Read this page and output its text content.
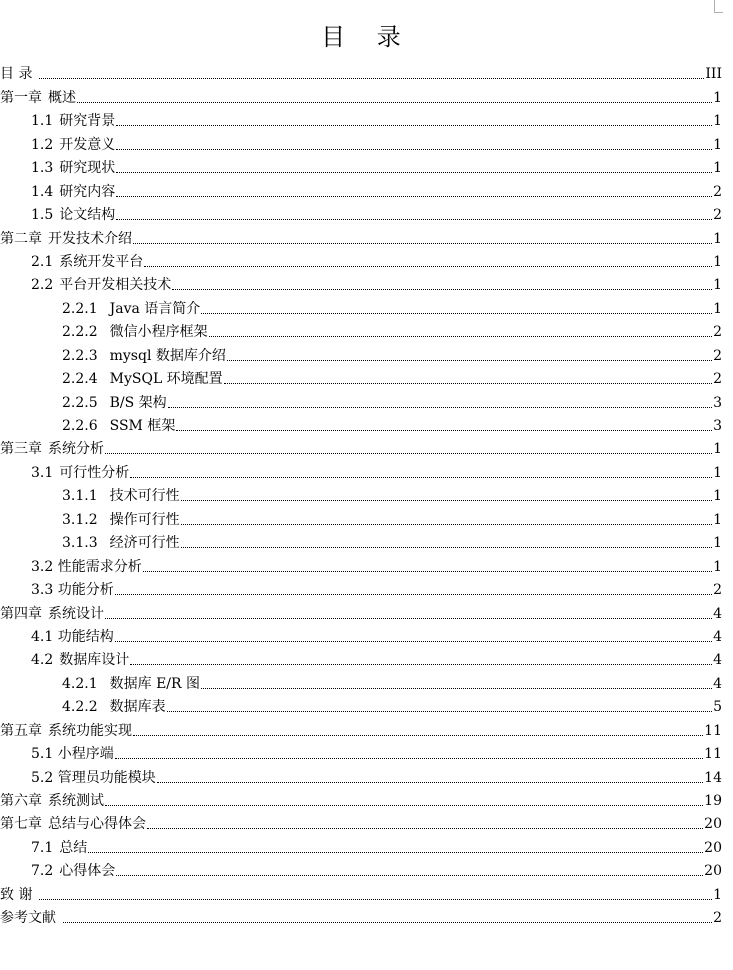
目 录
目 录	III
第一章 概述	1
1.1 研究背景	1
1.2 开发意义	1
1.3 研究现状	1
1.4 研究内容	2
1.5 论文结构	2
第二章 开发技术介绍	1
2.1 系统开发平台	1
2.2 平台开发相关技术	1
2.2.1 Java 语言简介	1
2.2.2 微信小程序框架	2
2.2.3 mysql 数据库介绍	2
2.2.4 MySQL 环境配置	2
2.2.5 B/S 架构	3
2.2.6 SSM 框架	3
第三章 系统分析	1
3.1 可行性分析	1
3.1.1 技术可行性	1
3.1.2 操作可行性	1
3.1.3 经济可行性	1
3.2 性能需求分析	1
3.3 功能分析	2
第四章 系统设计	4
4.1 功能结构	4
4.2 数据库设计	4
4.2.1 数据库 E/R 图	4
4.2.2 数据库表	5
第五章 系统功能实现	11
5.1 小程序端	11
5.2 管理员功能模块	14
第六章 系统测试	19
第七章 总结与心得体会	20
7.1 总结	20
7.2 心得体会	20
致 谢	1
参考文献	2
